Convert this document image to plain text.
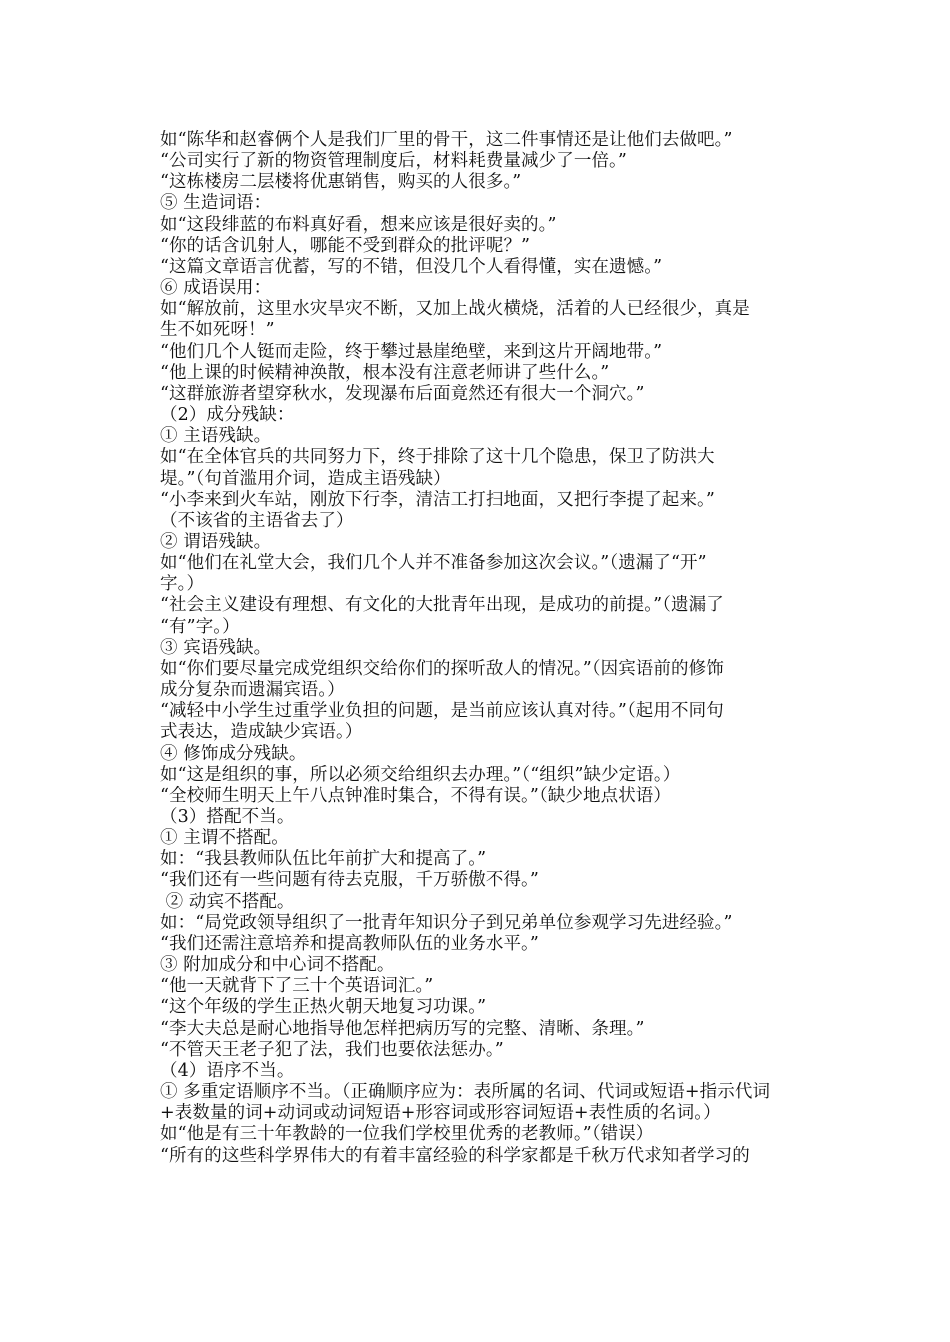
如“陈华和赵睿俩个人是我们厂里的骨干，这二件事情还是让他们去做吧。”
“公司实行了新的物资管理制度后，材料耗费量减少了一倍。”
“这栋楼房二层楼将优惠销售，购买的人很多。”
⑤ 生造词语：
如“这段绯蓝的布料真好看，想来应该是很好卖的。”
“你的话含讥射人，哪能不受到群众的批评呢？”
“这篇文章语言优蓄，写的不错，但没几个人看得懂，实在遗憾。”
⑥ 成语误用：
如“解放前，这里水灾旱灾不断，又加上战火横烧，活着的人已经很少，真是
生不如死呀！”
“他们几个人铤而走险，终于攀过悬崖绝壁，来到这片开阔地带。”
“他上课的时候精神涣散，根本没有注意老师讲了些什么。”
“这群旅游者望穿秋水，发现瀑布后面竟然还有很大一个洞穴。”
（2）成分残缺：
① 主语残缺。
如“在全体官兵的共同努力下，终于排除了这十几个隐患，保卫了防洪大
堤。”（句首滥用介词，造成主语残缺）
“小李来到火车站，刚放下行李，清洁工打扫地面，又把行李提了起来。”
（不该省的主语省去了）
② 谓语残缺。
如“他们在礼堂大会，我们几个人并不准备参加这次会议。”（遗漏了“开”
字。）
“社会主义建设有理想、有文化的大批青年出现，是成功的前提。”（遗漏了
“有”字。）
③ 宾语残缺。
如“你们要尽量完成党组织交给你们的探听敌人的情况。”（因宾语前的修饰
成分复杂而遗漏宾语。）
“减轻中小学生过重学业负担的问题，是当前应该认真对待。”（起用不同句
式表达，造成缺少宾语。）
④ 修饰成分残缺。
如“这是组织的事，所以必须交给组织去办理。”（“组织”缺少定语。）
“全校师生明天上午八点钟准时集合，不得有误。”（缺少地点状语）
（3）搭配不当。
① 主谓不搭配。
如：“我县教师队伍比年前扩大和提高了。”
“我们还有一些问题有待去克服，千万骄傲不得。”
② 动宾不搭配。
如：“局党政领导组织了一批青年知识分子到兄弟单位参观学习先进经验。”
“我们还需注意培养和提高教师队伍的业务水平。”
③ 附加成分和中心词不搭配。
“他一天就背下了三十个英语词汇。”
“这个年级的学生正热火朝天地复习功课。”
“李大夫总是耐心地指导他怎样把病历写的完整、清晰、条理。”
“不管天王老子犯了法，我们也要依法惩办。”
（4）语序不当。
① 多重定语顺序不当。（正确顺序应为：表所属的名词、代词或短语+指示代词
+表数量的词+动词或动词短语+形容词或形容词短语+表性质的名词。）
如“他是有三十年教龄的一位我们学校里优秀的老教师。”（错误）
“所有的这些科学界伟大的有着丰富经验的科学家都是千秋万代求知者学习的
